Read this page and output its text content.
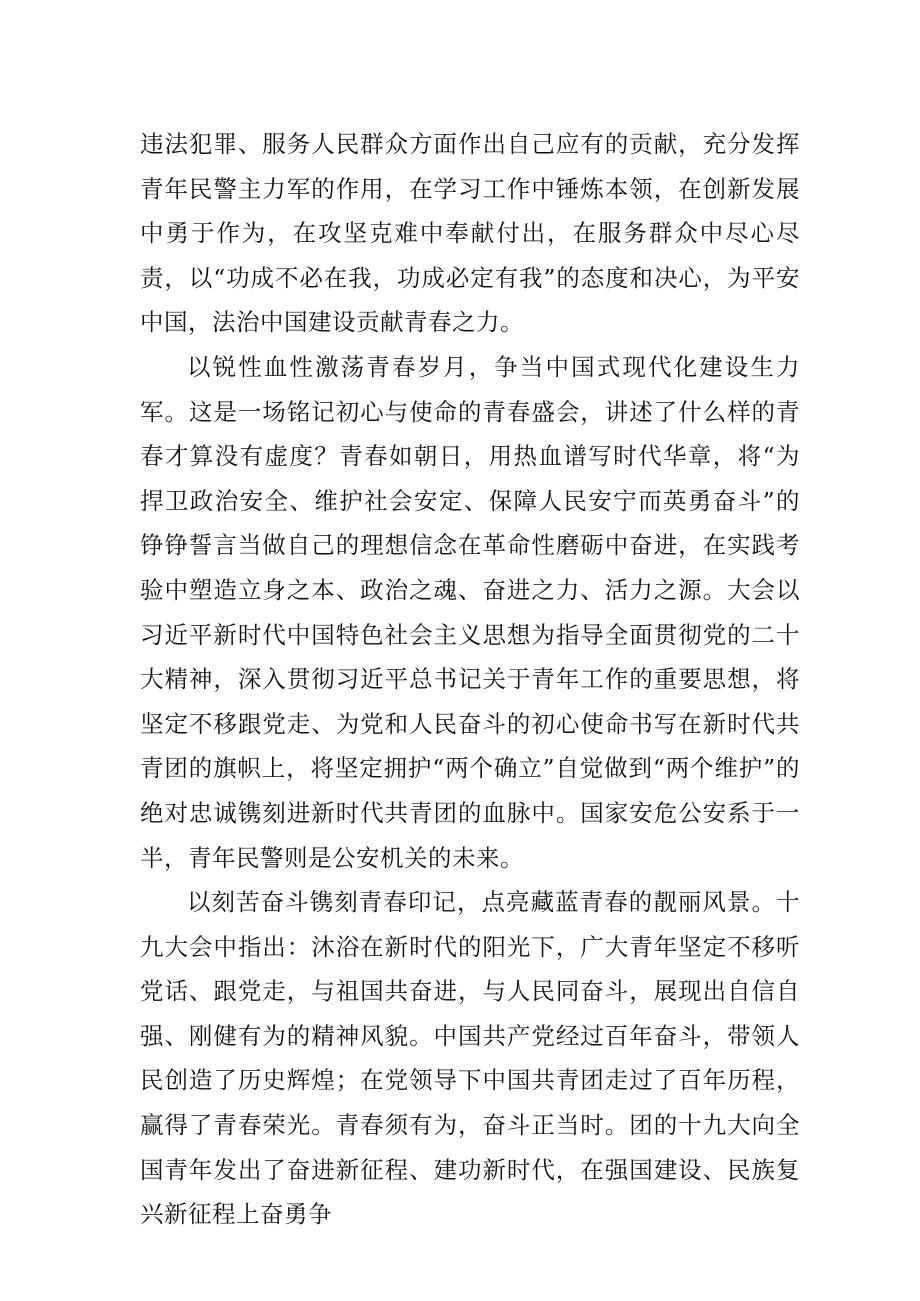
违法犯罪、服务人民群众方面作出自己应有的贡献，充分发挥青年民警主力军的作用，在学习工作中锤炼本领，在创新发展中勇于作为，在攻坚克难中奉献付出，在服务群众中尽心尽责，以“功成不必在我，功成必定有我”的态度和决心，为平安中国，法治中国建设贡献青春之力。

以锐性血性激荡青春岁月，争当中国式现代化建设生力军。这是一场铭记初心与使命的青春盛会，讲述了什么样的青春才算没有虚度？青春如朝日，用热血谱写时代华章，将“为捍卫政治安全、维护社会安定、保障人民安宁而英勇奋斗”的铮铮誓言当做自己的理想信念在革命性磨砺中奋进，在实践考验中塑造立身之本、政治之魂、奋进之力、活力之源。大会以习近平新时代中国特色社会主义思想为指导全面贯彻党的二十大精神，深入贯彻习近平总书记关于青年工作的重要思想，将坚定不移跟党走、为党和人民奋斗的初心使命书写在新时代共青团的旗帜上，将坚定拥护“两个确立”自觉做到“两个维护”的绝对忠诚镌刻进新时代共青团的血脉中。国家安危公安系于一半，青年民警则是公安机关的未来。

以刻苦奋斗镌刻青春印记，点亮藏蓝青春的靓丽风景。十九大会中指出：沐浴在新时代的阳光下，广大青年坚定不移听党话、跟党走，与祖国共奋进，与人民同奋斗，展现出自信自强、刚健有为的精神风貌。中国共产党经过百年奋斗，带领人民创造了历史辉煌；在党领导下中国共青团走过了百年历程，赢得了青春荣光。青春须有为，奋斗正当时。团的十九大向全国青年发出了奋进新征程、建功新时代，在强国建设、民族复兴新征程上奋勇争
